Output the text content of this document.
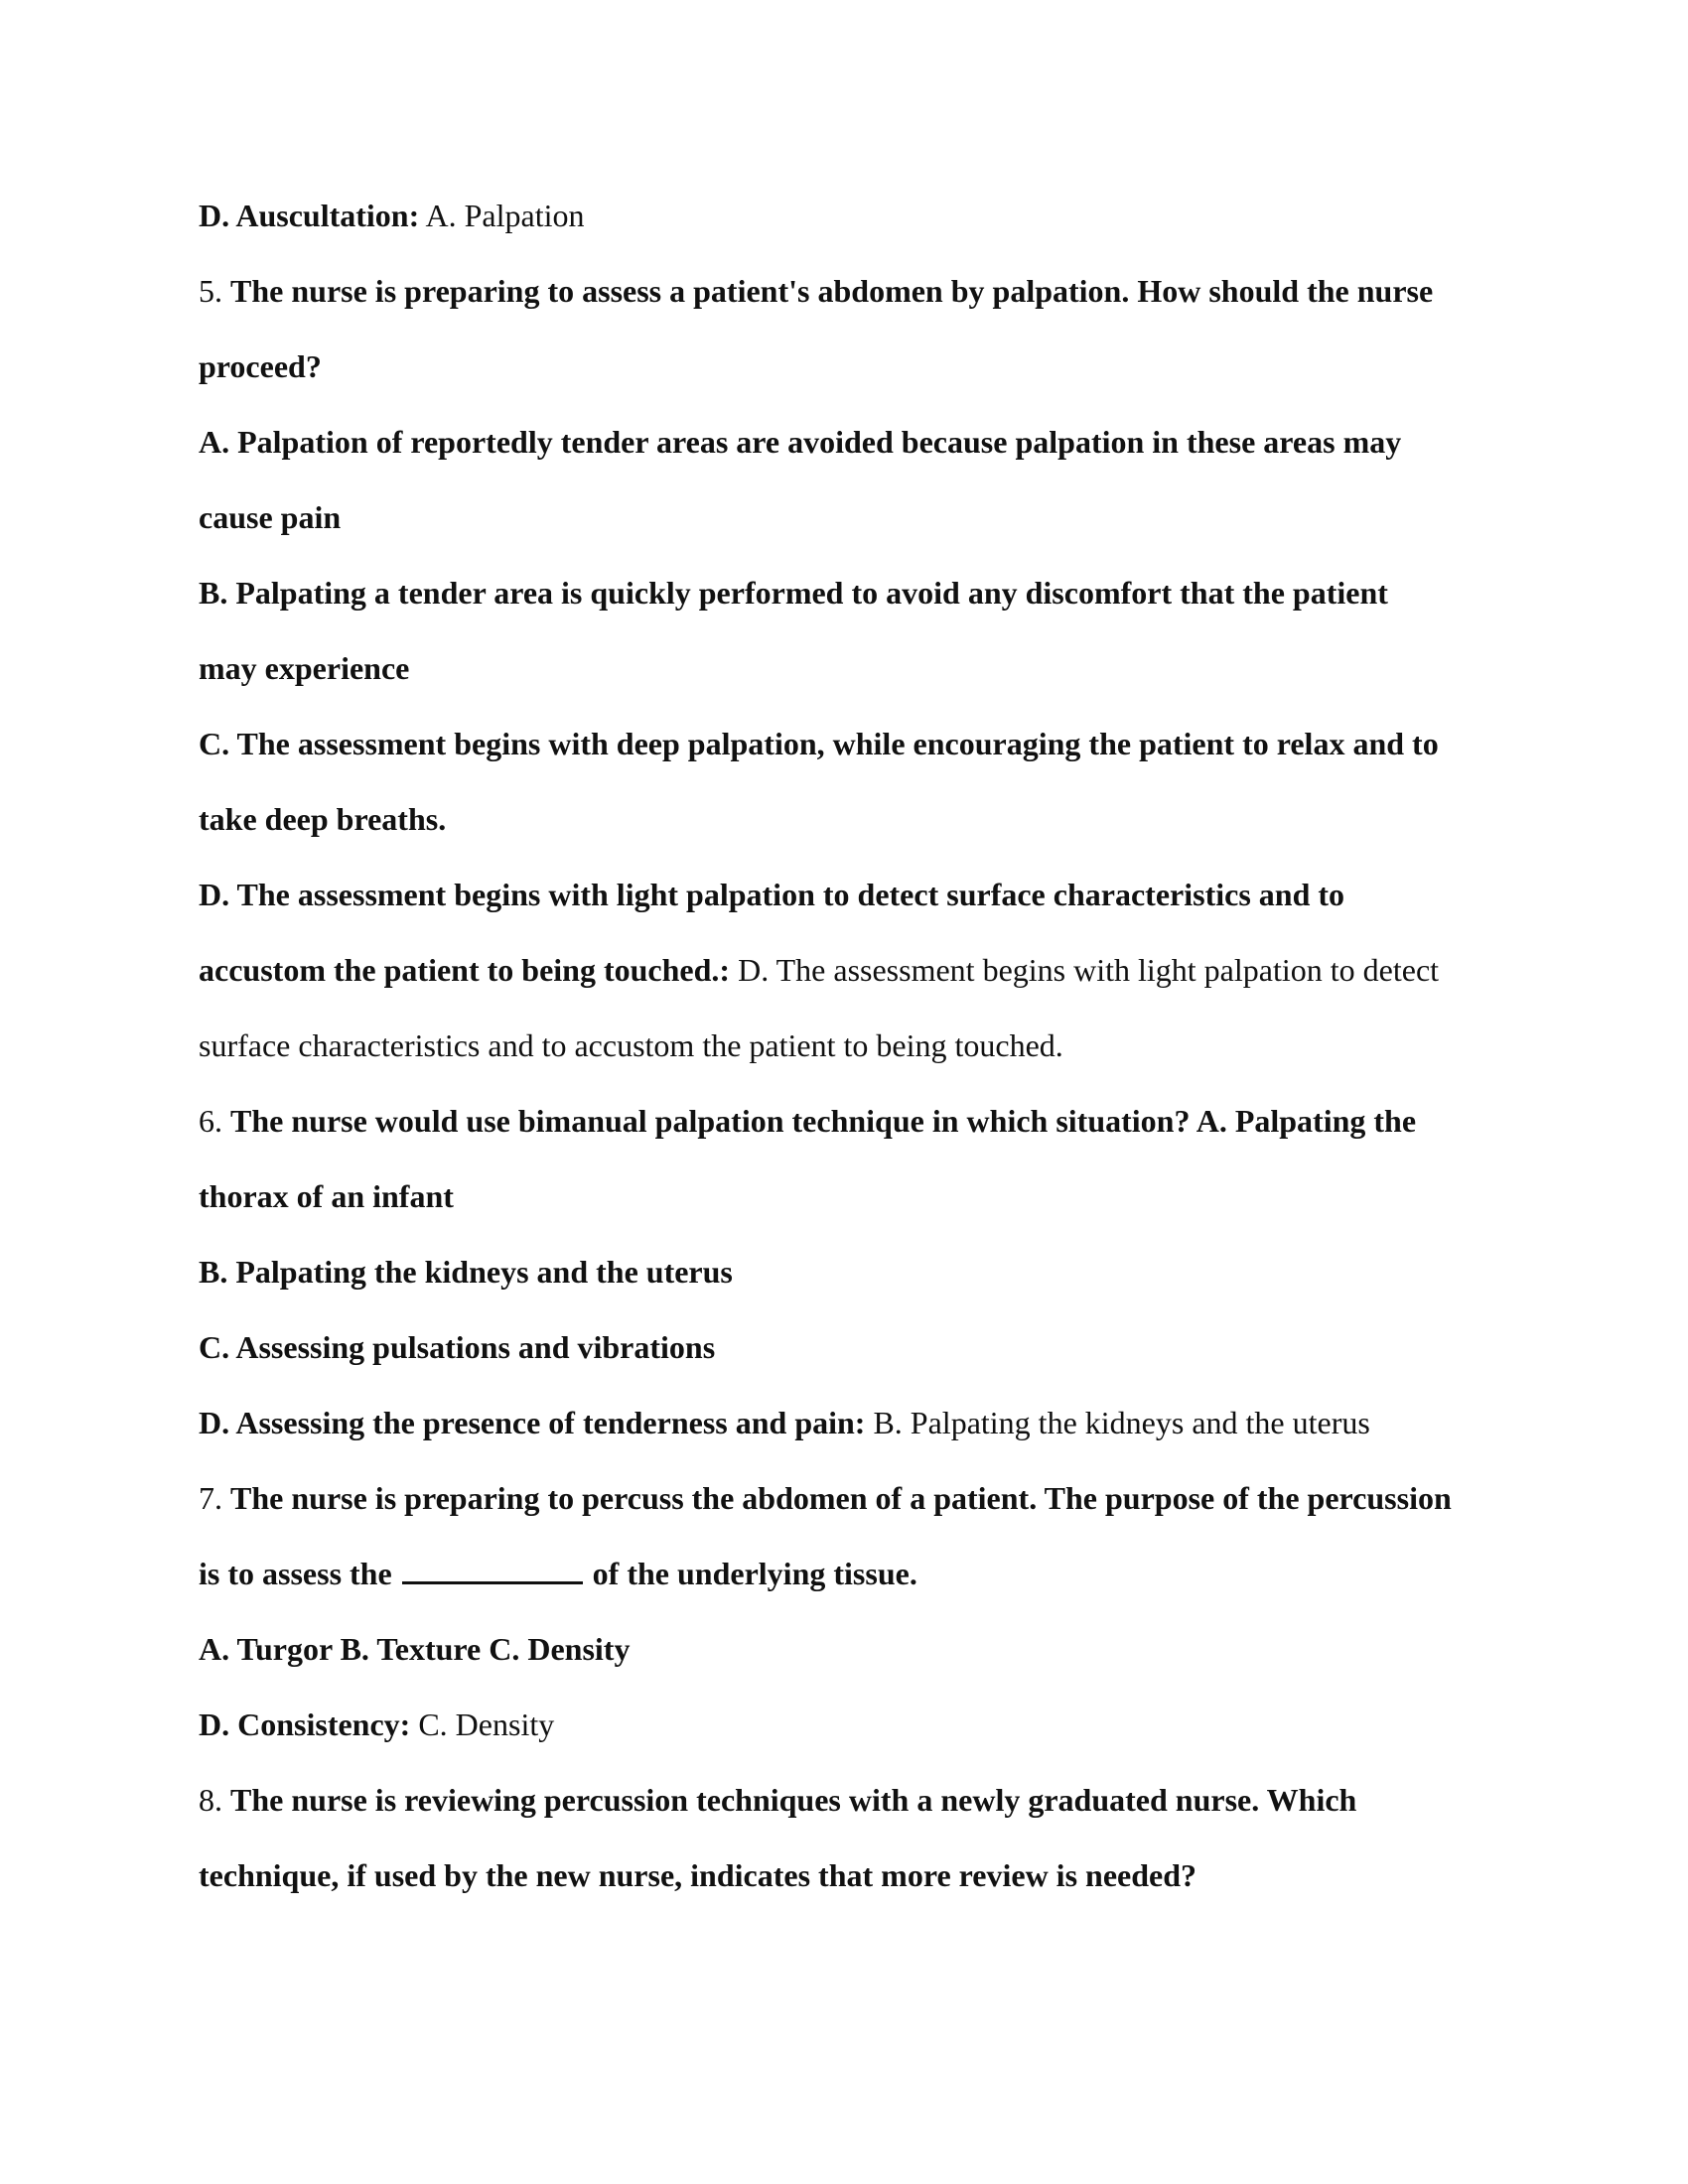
D. Auscultation: A. Palpation
5. The nurse is preparing to assess a patient's abdomen by palpation. How should the nurse
proceed?
A. Palpation of reportedly tender areas are avoided because palpation in these areas may
cause pain
B. Palpating a tender area is quickly performed to avoid any discomfort that the patient
may experience
C. The assessment begins with deep palpation, while encouraging the patient to relax and to
take deep breaths.
D. The assessment begins with light palpation to detect surface characteristics and to
accustom the patient to being touched.: D. The assessment begins with light palpation to detect
surface characteristics and to accustom the patient to being touched.
6. The nurse would use bimanual palpation technique in which situation? A. Palpating the
thorax of an infant
B. Palpating the kidneys and the uterus
C. Assessing pulsations and vibrations
D. Assessing the presence of tenderness and pain: B. Palpating the kidneys and the uterus
7. The nurse is preparing to percuss the abdomen of a patient. The purpose of the percussion
is to assess the	of the underlying tissue.
A. Turgor B. Texture C. Density
D. Consistency: C. Density
8. The nurse is reviewing percussion techniques with a newly graduated nurse. Which
technique, if used by the new nurse, indicates that more review is needed?
